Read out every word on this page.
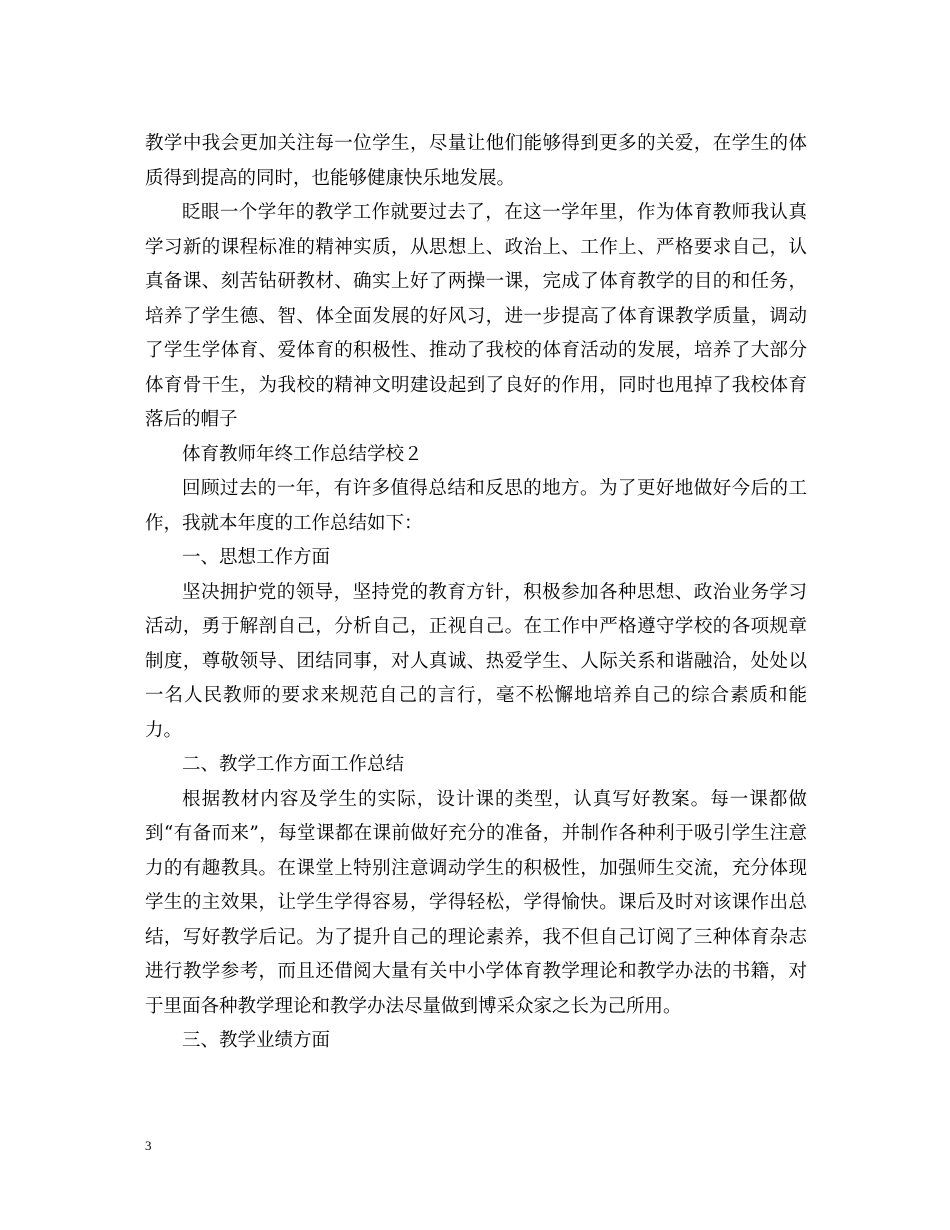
教学中我会更加关注每一位学生，尽量让他们能够得到更多的关爱，在学生的体质得到提高的同时，也能够健康快乐地发展。

眨眼一个学年的教学工作就要过去了，在这一学年里，作为体育教师我认真学习新的课程标准的精神实质，从思想上、政治上、工作上、严格要求自己，认真备课、刻苦钻研教材、确实上好了两操一课，完成了体育教学的目的和任务，培养了学生德、智、体全面发展的好风习，进一步提高了体育课教学质量，调动了学生学体育、爱体育的积极性、推动了我校的体育活动的发展，培养了大部分体育骨干生，为我校的精神文明建设起到了良好的作用，同时也甩掉了我校体育落后的帽子

体育教师年终工作总结学校２

回顾过去的一年，有许多值得总结和反思的地方。为了更好地做好今后的工作，我就本年度的工作总结如下：

一、思想工作方面

坚决拥护党的领导，坚持党的教育方针，积极参加各种思想、政治业务学习活动，勇于解剖自己，分析自己，正视自己。在工作中严格遵守学校的各项规章制度，尊敬领导、团结同事，对人真诚、热爱学生、人际关系和谐融洽，处处以一名人民教师的要求来规范自己的言行，毫不松懈地培养自己的综合素质和能力。

二、教学工作方面工作总结

根据教材内容及学生的实际，设计课的类型，认真写好教案。每一课都做到“有备而来”，每堂课都在课前做好充分的准备，并制作各种利于吸引学生注意力的有趣教具。在课堂上特别注意调动学生的积极性，加强师生交流，充分体现学生的主效果，让学生学得容易，学得轻松，学得愉快。课后及时对该课作出总结，写好教学后记。为了提升自己的理论素养，我不但自己订阅了三种体育杂志进行教学参考，而且还借阅大量有关中小学体育教学理论和教学办法的书籍，对于里面各种教学理论和教学办法尽量做到博采众家之长为己所用。

三、教学业绩方面

3
